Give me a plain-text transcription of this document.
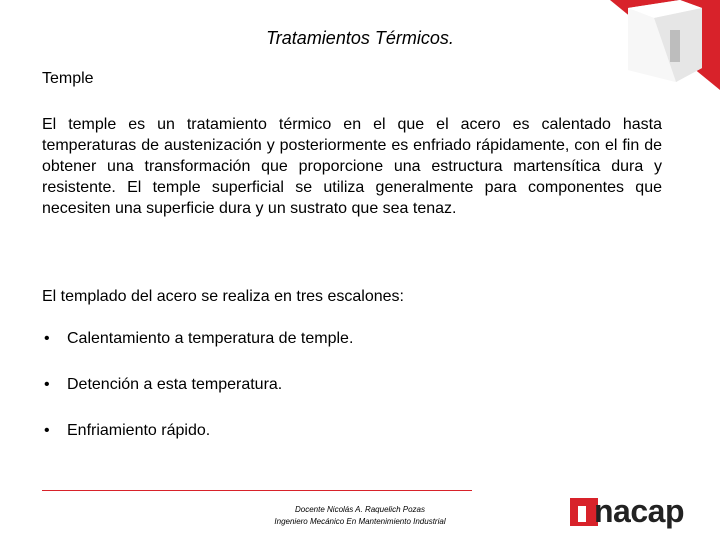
Tratamientos Térmicos.
Temple
El temple es un tratamiento térmico en el que el acero es calentado hasta temperaturas de austenización y posteriormente es enfriado rápidamente, con el fin de obtener una transformación que proporcione una estructura martensítica dura y resistente. El temple superficial se utiliza generalmente para componentes que necesiten una superficie dura y un sustrato que sea tenaz.
El templado del acero se realiza en tres escalones:
• Calentamiento a temperatura de temple.
• Detención a esta temperatura.
• Enfriamiento rápido.
Docente Nicolás A. Raquelich Pozas
Ingeniero Mecánico En Mantenimiento Industrial	nacap
